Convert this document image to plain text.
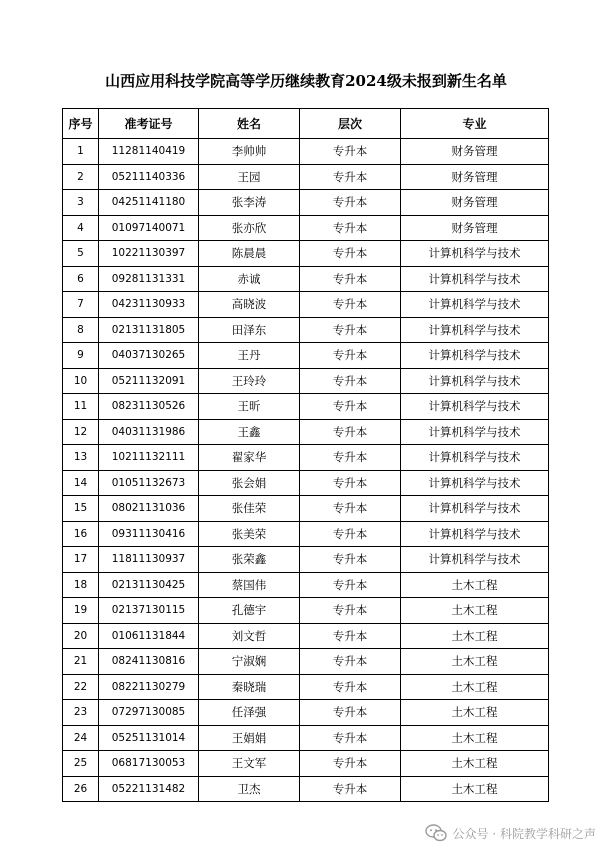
山西应用科技学院高等学历继续教育2024级未报到新生名单
序号	准考证号	姓名	层次	专业
1	11281140419	李帅帅	专升本	财务管理
2	05211140336	王园	专升本	财务管理
3	04251141180	张李涛	专升本	财务管理
4	01097140071	张亦欣	专升本	财务管理
5	10221130397	陈晨晨	专升本	计算机科学与技术
6	09281131331	赤诚	专升本	计算机科学与技术
7	04231130933	高晓波	专升本	计算机科学与技术
8	02131131805	田泽东	专升本	计算机科学与技术
9	04037130265	王丹	专升本	计算机科学与技术
10	05211132091	王玲玲	专升本	计算机科学与技术
11	08231130526	王昕	专升本	计算机科学与技术
12	04031131986	王鑫	专升本	计算机科学与技术
13	10211132111	翟家华	专升本	计算机科学与技术
14	01051132673	张会娟	专升本	计算机科学与技术
15	08021131036	张佳荣	专升本	计算机科学与技术
16	09311130416	张美荣	专升本	计算机科学与技术
17	11811130937	张荣鑫	专升本	计算机科学与技术
18	02131130425	蔡国伟	专升本	土木工程
19	02137130115	孔德宇	专升本	土木工程
20	01061131844	刘文哲	专升本	土木工程
21	08241130816	宁淑娴	专升本	土木工程
22	08221130279	秦晓瑞	专升本	土木工程
23	07297130085	任泽强	专升本	土木工程
24	05251131014	王娟娟	专升本	土木工程
25	06817130053	王文军	专升本	土木工程
26	05221131482	卫杰	专升本	土木工程
公众号 · 科院教学科研之声
